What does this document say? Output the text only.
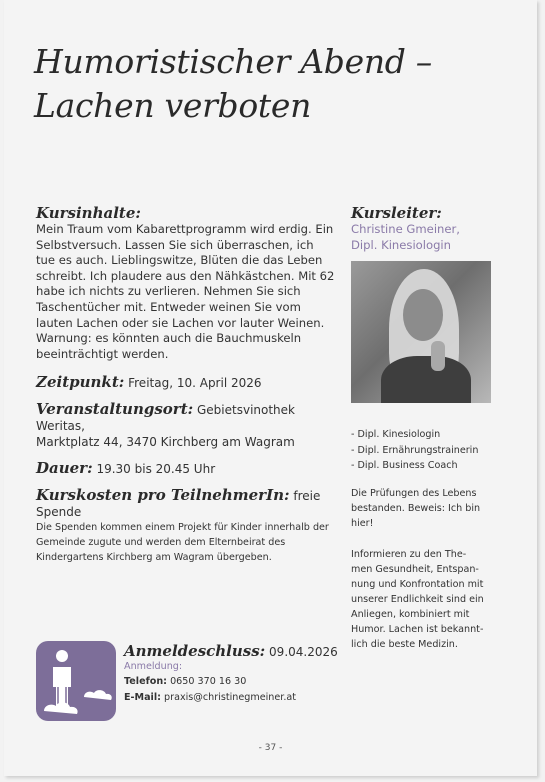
Humoristischer Abend –
Lachen verboten

Kursinhalte:

Mein Traum vom Kabarettprogramm wird erdig. Ein Selbstversuch. Lassen Sie sich überraschen, ich tue es auch. Lieblingswitze, Blüten die das Leben schreibt. Ich plaudere aus den Nähkästchen. Mit 62 habe ich nichts zu verlieren. Nehmen Sie sich Taschentücher mit. Entweder weinen Sie vom lauten Lachen oder sie Lachen vor lauter Weinen. Warnung: es könnten auch die Bauchmuskeln beeinträchtigt werden.

Zeitpunkt: Freitag, 10. April 2026

Veranstaltungsort: Gebietsvinothek Weritas,
Marktplatz 44, 3470 Kirchberg am Wagram

Dauer: 19.30 bis 20.45 Uhr

Kurskosten pro TeilnehmerIn: freie Spende

Die Spenden kommen einem Projekt für Kinder innerhalb der Gemeinde zugute und werden dem Elternbeirat des Kindergartens Kirchberg am Wagram übergeben.

Kursleiter:

Christine Gmeiner,

Dipl. Kinesiologin

- Dipl. Kinesiologin
- Dipl. Ernährungstrainerin
- Dipl. Business Coach

Die Prüfungen des Lebens bestanden. Beweis: Ich bin hier!

Informieren zu den The-
men Gesundheit, Entspan-
nung und Konfrontation mit
unserer Endlichkeit sind ein
Anliegen, kombiniert mit
Humor. Lachen ist bekannt-
lich die beste Medizin.

Anmeldeschluss: 09.04.2026

Anmeldung:

Telefon: 0650 370 16 30

E-Mail: praxis@christinegmeiner.at

- 37 -
